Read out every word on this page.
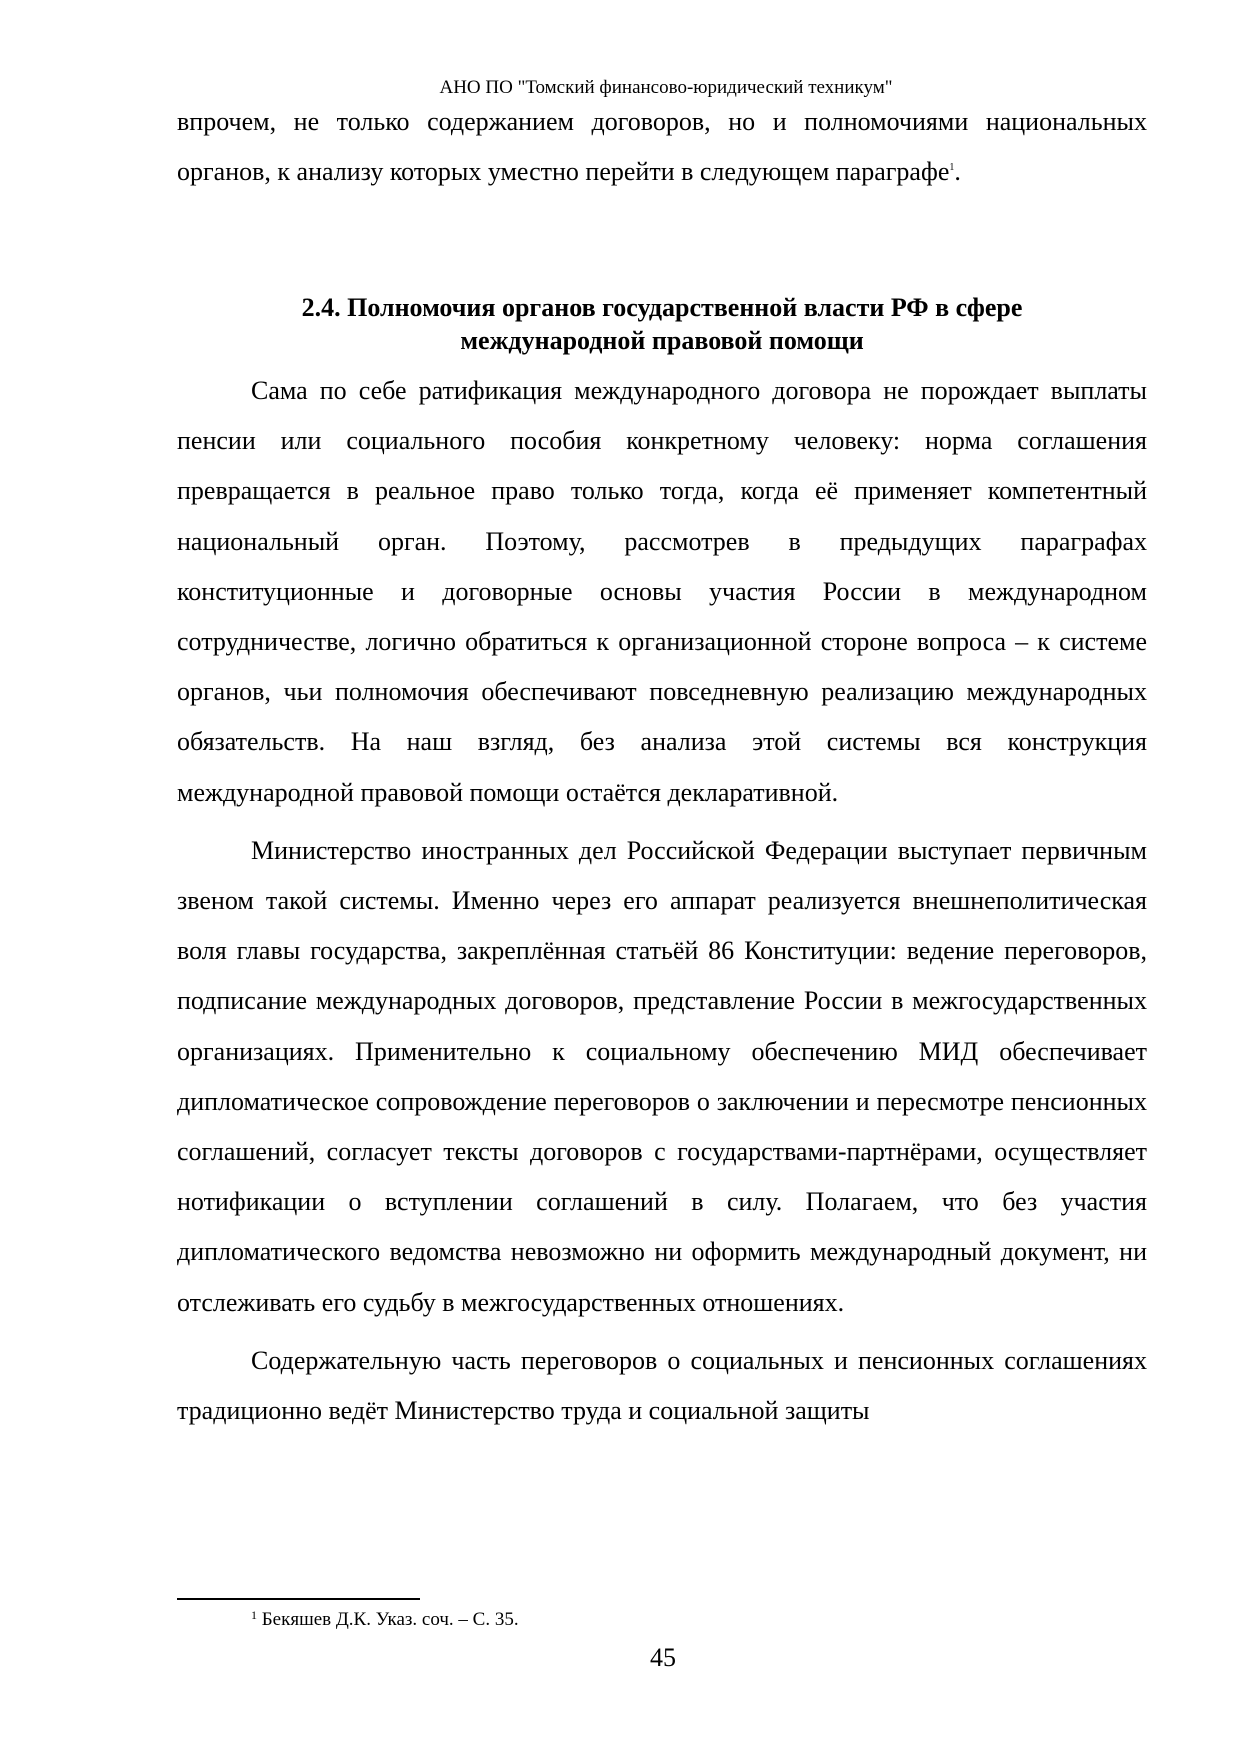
АНО ПО "Томский финансово-юридический техникум"

впрочем, не только содержанием договоров, но и полномочиями национальных органов, к анализу которых уместно перейти в следующем параграфе$^1$.

2.4. Полномочия органов государственной власти РФ в сфере
международной правовой помощи

Сама по себе ратификация международного договора не порождает выплаты пенсии или социального пособия конкретному человеку: норма соглашения превращается в реальное право только тогда, когда её применяет компетентный национальный орган. Поэтому, рассмотрев в предыдущих параграфах конституционные и договорные основы участия России в международном сотрудничестве, логично обратиться к организационной стороне вопроса – к системе органов, чьи полномочия обеспечивают повседневную реализацию международных обязательств. На наш взгляд, без анализа этой системы вся конструкция международной правовой помощи остаётся декларативной.

Министерство иностранных дел Российской Федерации выступает первичным звеном такой системы. Именно через его аппарат реализуется внешнеполитическая воля главы государства, закреплённая статьёй 86 Конституции: ведение переговоров, подписание международных договоров, представление России в межгосударственных организациях. Применительно к социальному обеспечению МИД обеспечивает дипломатическое сопровождение переговоров о заключении и пересмотре пенсионных соглашений, согласует тексты договоров с государствами-партнёрами, осуществляет нотификации о вступлении соглашений в силу. Полагаем, что без участия дипломатического ведомства невозможно ни оформить международный документ, ни отслеживать его судьбу в межгосударственных отношениях.

Содержательную часть переговоров о социальных и пенсионных соглашениях традиционно ведёт Министерство труда и социальной защиты

$^1$ Бекяшев Д.К. Указ. соч. – С. 35.
45
